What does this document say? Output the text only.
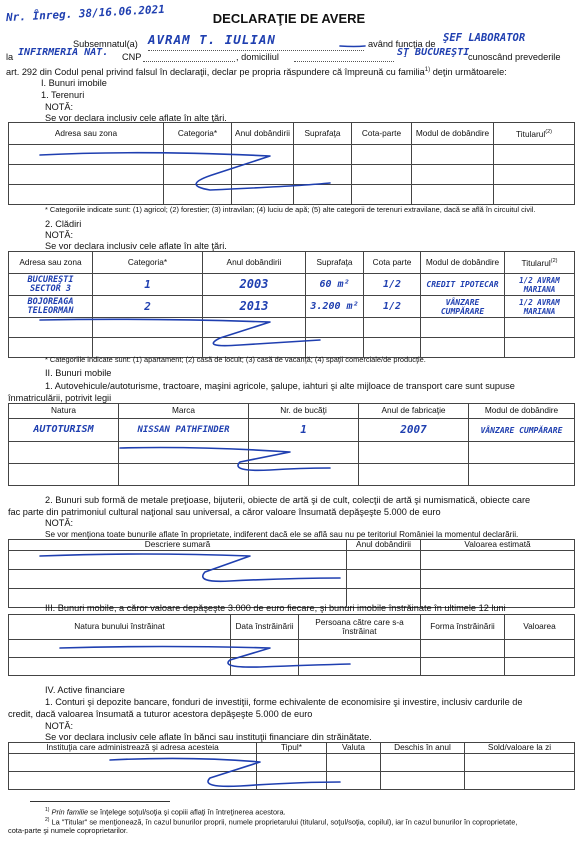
Nr. Înreg. 38/16.06.2021	DECLARAŢIE DE AVERE
Subsemnatul(a) AVRAM T. IULIAN	având funcţia de ŞEF LABORATOR
la INFIRMERIA NAT. CNP	, domiciliul	SŢ BUCUREŞTI
cunoscând prevederile
art. 292 din Codul penal privind falsul în declaraţii, declar pe propria răspundere că împreună cu familia$^{1)}$ deţin următoarele:
I. Bunuri imobile
1. Terenuri
NOTĂ:
Se vor declara inclusiv cele aflate în alte ţări.
Adresa sau zona	Categoria*	Anul dobândirii	Suprafaţa	Cota-parte	Modul de dobândire	Titularul$^{(2)}$

* Categoriile indicate sunt: (1) agricol; (2) forestier; (3) intravilan; (4) luciu de apă; (5) alte categorii de terenuri extravilane, dacă se află în circuitul civil.
2. Clădiri
NOTĂ:
Se vor declara inclusiv cele aflate în alte ţări.
Adresa sau zona	Categoria*	Anul dobândirii	Suprafaţa	Cota parte	Modul de dobândire	Titularul$^{(2)}$
BUCUREŞTI SECTOR 3	1	2003	60 m²	1/2	CREDIT IPOTECAR	1/2 AVRAM MARIANA
BOJOREAGA TELEORMAN	2	2013	3.200 m²	1/2	VÂNZARE CUMPĂRARE	1/2 AVRAM MARIANA

* Categoriile indicate sunt: (1) apartament; (2) casă de locuit; (3) casă de vacanţă; (4) spaţii comerciale/de producţie.
II. Bunuri mobile
1. Autovehicule/autoturisme, tractoare, maşini agricole, şalupe, iahturi şi alte mijloace de transport care sunt supuse
înmatriculării, potrivit legii
Natura	Marca	Nr. de bucăţi	Anul de fabricaţie	Modul de dobândire
AUTOTURISM	NISSAN PATHFINDER	1	2007	VÂNZARE CUMPĂRARE

2. Bunuri sub formă de metale preţioase, bijuterii, obiecte de artă şi de cult, colecţii de artă şi numismatică, obiecte care
fac parte din patrimoniul cultural naţional sau universal, a căror valoare însumată depăşeşte 5.000 de euro
NOTĂ:
Se vor menţiona toate bunurile aflate în proprietate, indiferent dacă ele se află sau nu pe teritoriul României la momentul declarării.
Descriere sumară	Anul dobândirii	Valoarea estimată

III. Bunuri mobile, a căror valoare depăşeşte 3.000 de euro fiecare, şi bunuri imobile înstrăinate în ultimele 12 luni
Natura bunului înstrăinat	Data înstrăinării	Persoana către care s-a înstrăinat	Forma înstrăinării	Valoarea

IV. Active financiare
1. Conturi şi depozite bancare, fonduri de investiţii, forme echivalente de economisire şi investire, inclusiv cardurile de
credit, dacă valoarea însumată a tuturor acestora depăşeşte 5.000 de euro
NOTĂ:
Se vor declara inclusiv cele aflate în bănci sau instituţii financiare din străinătate.
Instituţia care administrează şi adresa acesteia	Tipul*	Valuta	Deschis în anul	Sold/valoare la zi

$^{1)}$ Prin familie se înţelege soţul/soţia şi copiii aflaţi în întreţinerea acestora.
$^{2)}$ La "Titular" se menţionează, în cazul bunurilor proprii, numele proprietarului (titularul, soţul/soţia, copilul), iar în cazul bunurilor în coproprietate,
cota-parte şi numele coproprietarilor.
